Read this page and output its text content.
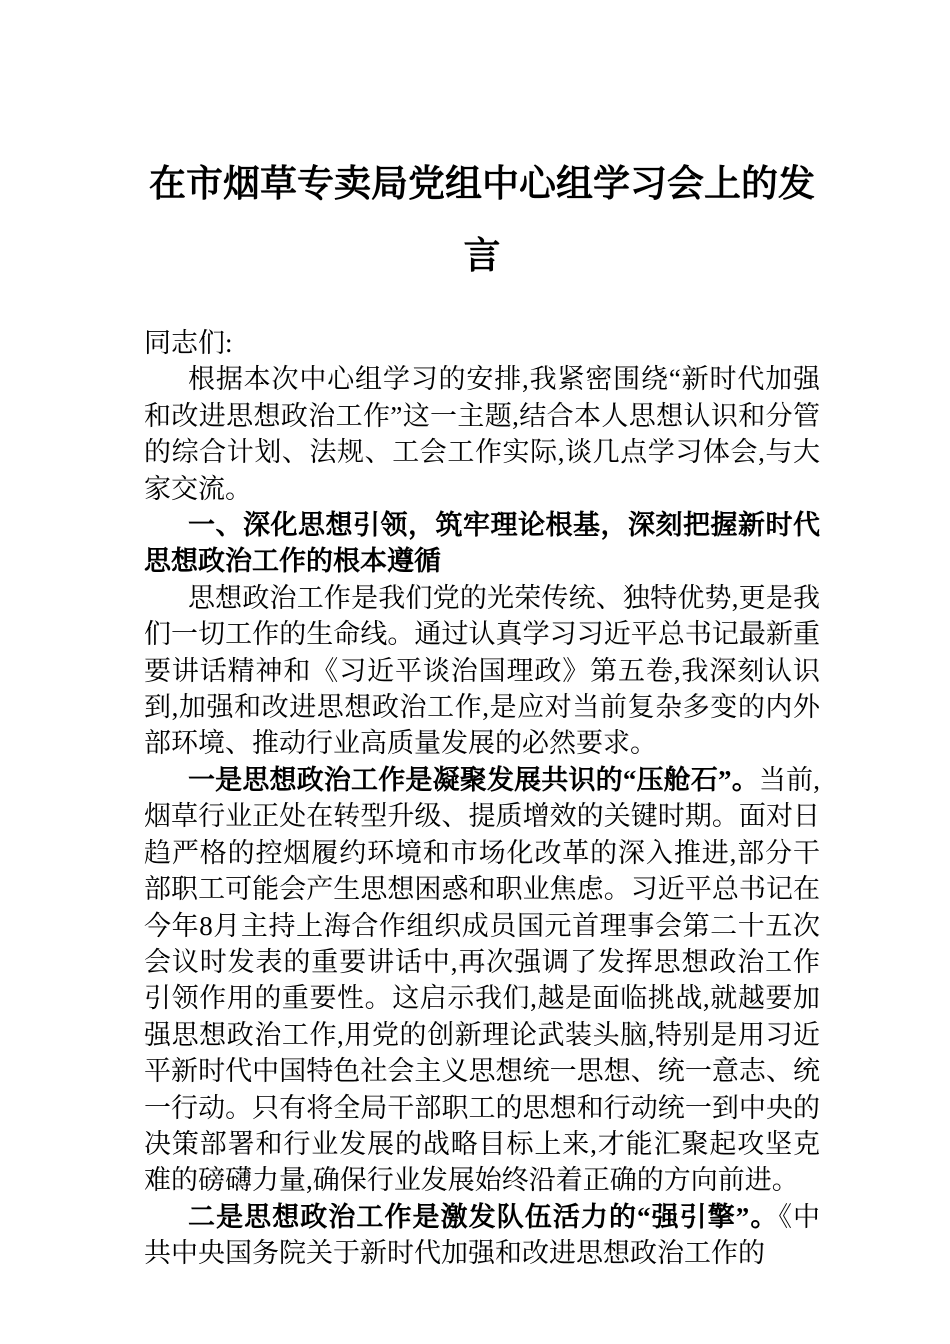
在市烟草专卖局党组中心组学习会上的发言

同志们:

根据本次中心组学习的安排,我紧密围绕“新时代加强和改进思想政治工作”这一主题,结合本人思想认识和分管的综合计划、法规、工会工作实际,谈几点学习体会,与大家交流。

一、深化思想引领，筑牢理论根基，深刻把握新时代思想政治工作的根本遵循

思想政治工作是我们党的光荣传统、独特优势,更是我们一切工作的生命线。通过认真学习习近平总书记最新重要讲话精神和《习近平谈治国理政》第五卷,我深刻认识到,加强和改进思想政治工作,是应对当前复杂多变的内外部环境、推动行业高质量发展的必然要求。

一是思想政治工作是凝聚发展共识的“压舱石”。当前,烟草行业正处在转型升级、提质增效的关键时期。面对日趋严格的控烟履约环境和市场化改革的深入推进,部分干部职工可能会产生思想困惑和职业焦虑。习近平总书记在今年8月主持上海合作组织成员国元首理事会第二十五次会议时发表的重要讲话中,再次强调了发挥思想政治工作引领作用的重要性。这启示我们,越是面临挑战,就越要加强思想政治工作,用党的创新理论武装头脑,特别是用习近平新时代中国特色社会主义思想统一思想、统一意志、统一行动。只有将全局干部职工的思想和行动统一到中央的决策部署和行业发展的战略目标上来,才能汇聚起攻坚克难的磅礴力量,确保行业发展始终沿着正确的方向前进。

二是思想政治工作是激发队伍活力的“强引擎”。《中共中央国务院关于新时代加强和改进思想政治工作的
